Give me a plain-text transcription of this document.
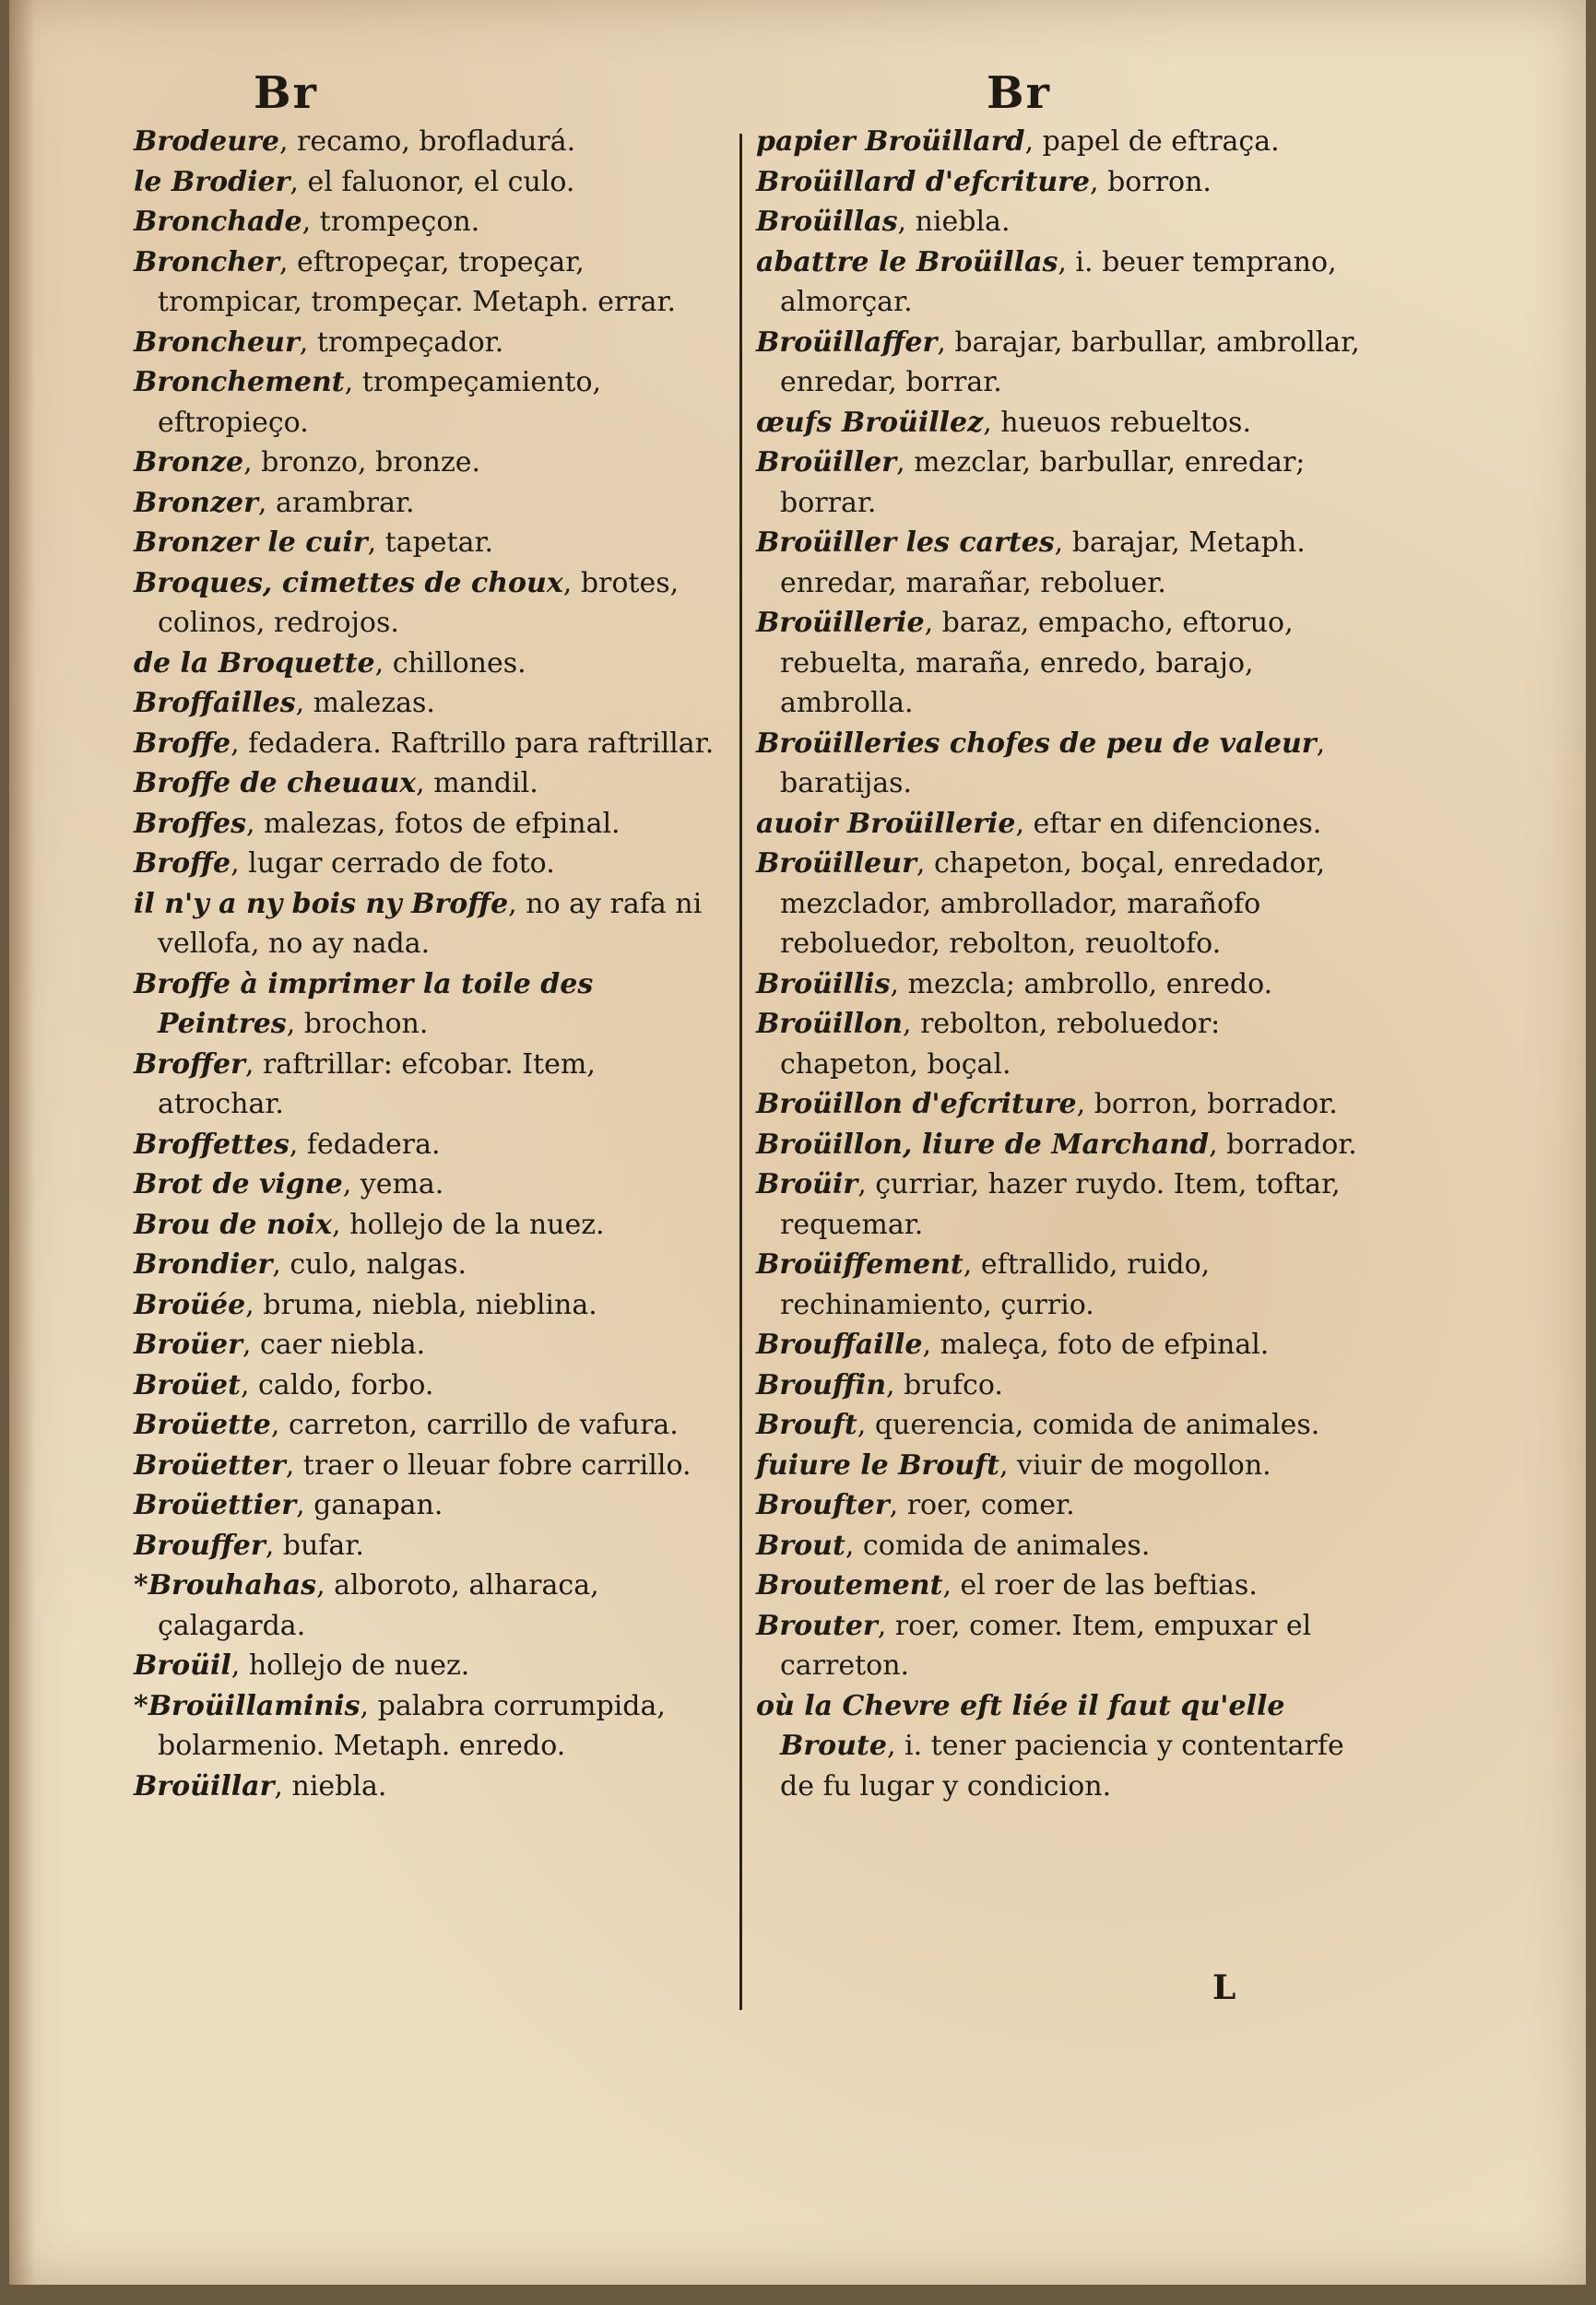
Br
Brodeure, recamo, brofladurá.
le Brodier, el faluonor, el culo.
Bronchade, trompeçon.
Broncher, eftropeçar, tropeçar, trompicar, trompeçar. Metaph. errar.
Broncheur, trompeçador.
Bronchement, trompeçamiento, eftropieço.
Bronze, bronzo, bronze.
Bronzer, arambrar.
Bronzer le cuir, tapetar.
Broques, cimettes de choux, brotes, colinos, redrojos.
de la Broquette, chillones.
Broffailles, malezas.
Broffe, fedadera. Raftrillo para raftrillar.
Broffe de cheuaux, mandil.
Broffes, malezas, fotos de efpinal.
Broffe, lugar cerrado de foto.
il n'y a ny bois ny Broffe, no ay rafa ni vellofa, no ay nada.
Broffe à imprimer la toile des Peintres, brochon.
Broffer, raftrillar: efcobar. Item, atrochar.
Broffettes, fedadera.
Brot de vigne, yema.
Brou de noix, hollejo de la nuez.
Brondier, culo, nalgas.
Broüée, bruma, niebla, nieblina.
Broüer, caer niebla.
Broüet, caldo, forbo.
Broüette, carreton, carrillo de vafura.
Broüetter, traer o lleuar fobre carrillo.
Broüettier, ganapan.
Brouffer, bufar.
*Brouhahas, alboroto, alharaca, çalagarda.
Broüil, hollejo de nuez.
*Broüillaminis, palabra corrumpida, bolarmenio. Metaph. enredo.
Broüillar, niebla.
Br
papier Broüillard, papel de eftraça.
Broüillard d'efcriture, borron.
Broüillas, niebla.
abattre le Broüillas, i. beuer temprano, almorçar.
Broüillaffer, barajar, barbullar, ambrollar, enredar, borrar.
œufs Broüillez, hueuos rebueltos.
Broüiller, mezclar, barbullar, enredar; borrar.
Broüiller les cartes, barajar, Metaph. enredar, marañar, reboluer.
Broüillerie, baraz, empacho, eftoruo, rebuelta, maraña, enredo, barajo, ambrolla.
Broüilleries chofes de peu de valeur, baratijas.
auoir Broüillerie, eftar en difenciones.
Broüilleur, chapeton, boçal, enredador, mezclador, ambrollador, marañofo reboluedor, rebolton, reuoltofo.
Broüillis, mezcla; ambrollo, enredo.
Broüillon, rebolton, reboluedor: chapeton, boçal.
Broüillon d'efcriture, borron, borrador.
Broüillon, liure de Marchand, borrador.
Broüir, çurriar, hazer ruydo. Item, toftar, requemar.
Broüiffement, eftrallido, ruido, rechinamiento, çurrio.
Brouffaille, maleça, foto de efpinal.
Brouffin, brufco.
Brouft, querencia, comida de animales.
fuiure le Brouft, viuir de mogollon.
Broufter, roer, comer.
Brout, comida de animales.
Broutement, el roer de las beftias.
Brouter, roer, comer. Item, empuxar el carreton.
où la Chevre eft liée il faut qu'elle Broute, i. tener paciencia y contentarfe de fu lugar y condicion.
L
